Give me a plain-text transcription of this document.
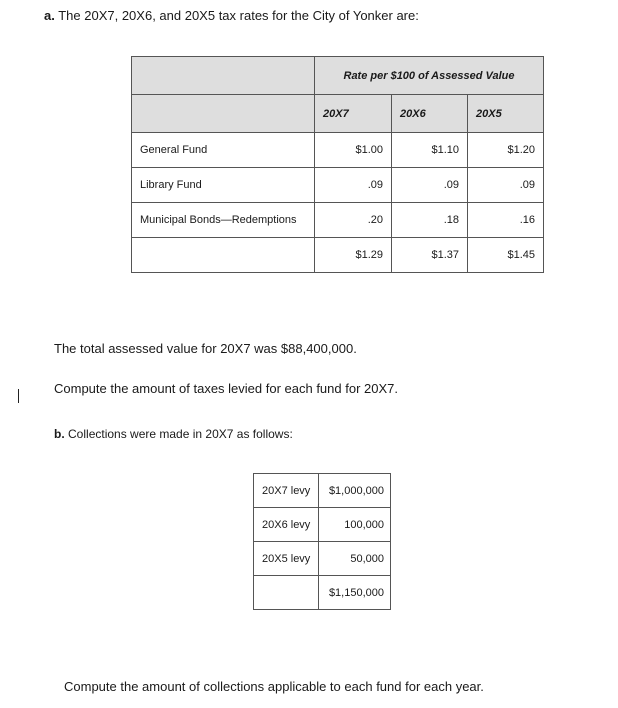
a. The 20X7, 20X6, and 20X5 tax rates for the City of Yonker are:
	Rate per $100 of Assessed Value		
	20X7	20X6	20X5
General Fund	$1.00	$1.10	$1.20
Library Fund	.09	.09	.09
Municipal Bonds—Redemptions	.20	.18	.16
	$1.29	$1.37	$1.45
The total assessed value for 20X7 was $88,400,000.
Compute the amount of taxes levied for each fund for 20X7.
b. Collections were made in 20X7 as follows:
20X7 levy	$1,000,000
20X6 levy	100,000
20X5 levy	50,000
	$1,150,000
Compute the amount of collections applicable to each fund for each year.
